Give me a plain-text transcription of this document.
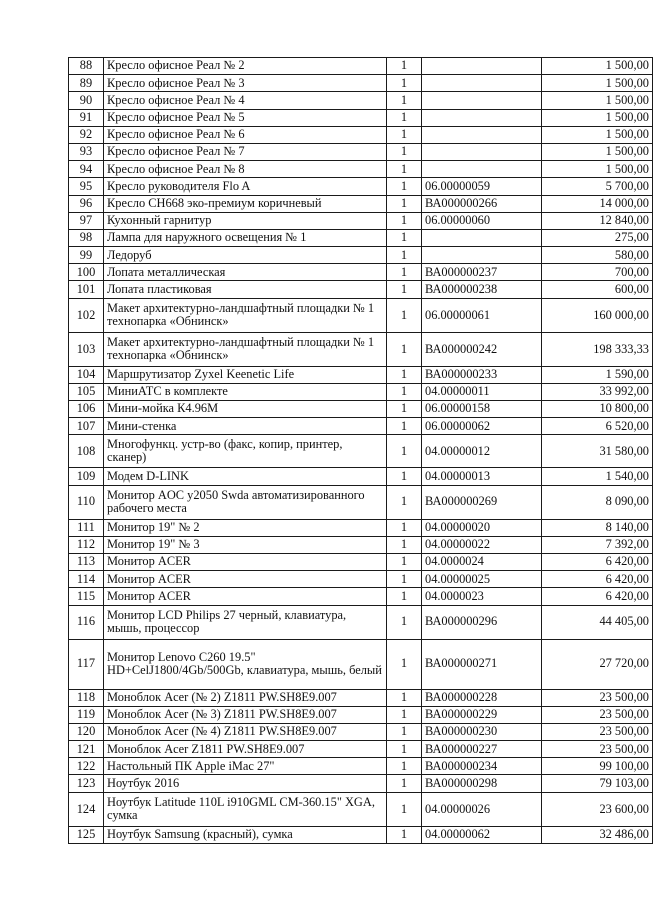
88	Кресло офисное Реал № 2	1		1 500,00
89	Кресло офисное Реал № 3	1		1 500,00
90	Кресло офисное Реал № 4	1		1 500,00
91	Кресло офисное Реал № 5	1		1 500,00
92	Кресло офисное Реал № 6	1		1 500,00
93	Кресло офисное Реал № 7	1		1 500,00
94	Кресло офисное Реал № 8	1		1 500,00
95	Кресло руководителя Flo A	1	06.00000059	5 700,00
96	Кресло СН668 эко-премиум коричневый	1	ВА000000266	14 000,00
97	Кухонный гарнитур	1	06.00000060	12 840,00
98	Лампа для наружного освещения № 1	1		275,00
99	Ледоруб	1		580,00
100	Лопата металлическая	1	ВА000000237	700,00
101	Лопата пластиковая	1	ВА000000238	600,00
102	Макет архитектурно-ландшафтный площадки № 1 технопарка «Обнинск»	1	06.00000061	160 000,00
103	Макет архитектурно-ландшафтный площадки № 1 технопарка «Обнинск»	1	ВА000000242	198 333,33
104	Маршрутизатор Zyxel Keenetic Life	1	ВА000000233	1 590,00
105	МиниАТС в комплекте	1	04.00000011	33 992,00
106	Мини-мойка К4.96М	1	06.00000158	10 800,00
107	Мини-стенка	1	06.00000062	6 520,00
108	Многофункц. устр-во (факс, копир, принтер, сканер)	1	04.00000012	31 580,00
109	Модем D-LINK	1	04.00000013	1 540,00
110	Монитор AOC y2050 Swda автоматизированного рабочего места	1	ВА000000269	8 090,00
111	Монитор 19" № 2	1	04.00000020	8 140,00
112	Монитор 19" № 3	1	04.00000022	7 392,00
113	Монитор ACER	1	04.0000024	6 420,00
114	Монитор ACER	1	04.00000025	6 420,00
115	Монитор ACER	1	04.0000023	6 420,00
116	Монитор LCD Philips 27 черный, клавиатура, мышь, процессор	1	ВА000000296	44 405,00
117	Монитор Lenovo C260 19.5" HD+CelJ1800/4Gb/500Gb, клавиатура, мышь, белый	1	ВА000000271	27 720,00
118	Моноблок Acer (№ 2) Z1811 PW.SH8E9.007	1	ВА000000228	23 500,00
119	Моноблок Acer (№ 3) Z1811 PW.SH8E9.007	1	ВА000000229	23 500,00
120	Моноблок Acer (№ 4) Z1811 PW.SH8E9.007	1	ВА000000230	23 500,00
121	Моноблок Acer Z1811 PW.SH8E9.007	1	ВА000000227	23 500,00
122	Настольный ПК Apple iMac 27"	1	ВА000000234	99 100,00
123	Ноутбук 2016	1	ВА000000298	79 103,00
124	Ноутбук Latitude 110L i910GML CM-360.15" XGA, сумка	1	04.00000026	23 600,00
125	Ноутбук Samsung (красный), сумка	1	04.00000062	32 486,00
